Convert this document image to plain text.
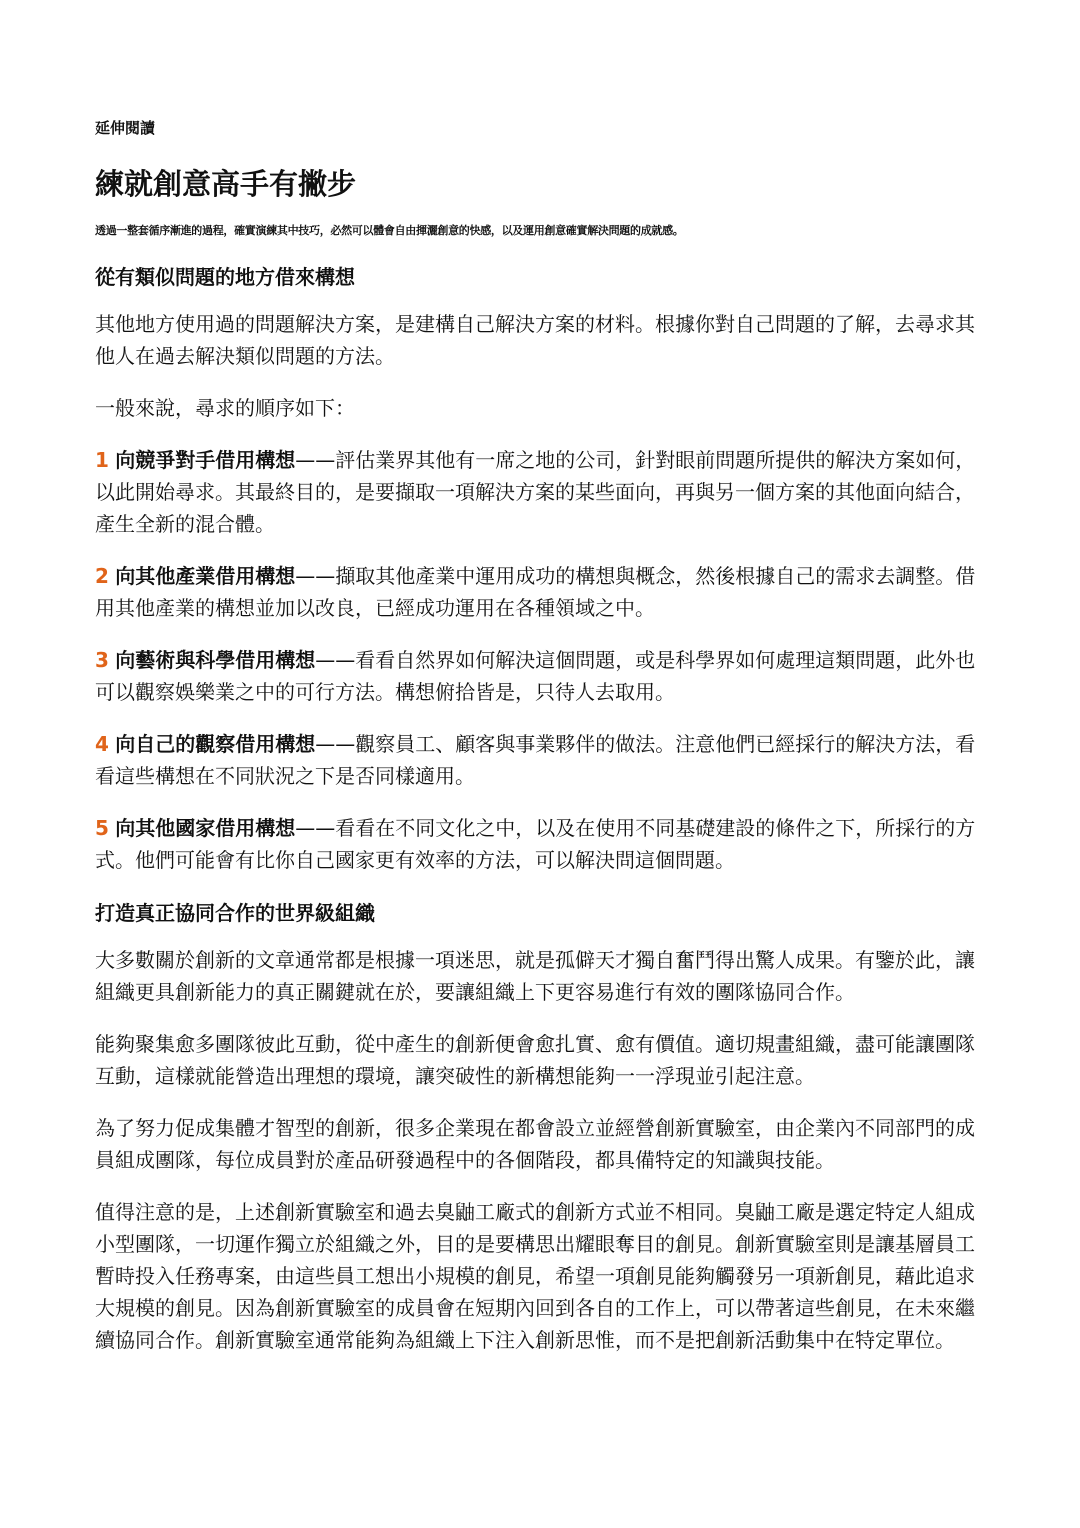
延伸閱讀
練就創意高手有撇步
透過一整套循序漸進的過程，確實演練其中技巧，必然可以體會自由揮灑創意的快感，以及運用創意確實解決問題的成就感。
從有類似問題的地方借來構想

其他地方使用過的問題解決方案，是建構自己解決方案的材料。根據你對自己問題的了解，去尋求其他人在過去解決類似問題的方法。

一般來說，尋求的順序如下：

1 向競爭對手借用構想——評估業界其他有一席之地的公司，針對眼前問題所提供的解決方案如何，以此開始尋求。其最終目的，是要擷取一項解決方案的某些面向，再與另一個方案的其他面向結合，產生全新的混合體。

2 向其他產業借用構想——擷取其他產業中運用成功的構想與概念，然後根據自己的需求去調整。借用其他產業的構想並加以改良，已經成功運用在各種領域之中。

3 向藝術與科學借用構想——看看自然界如何解決這個問題，或是科學界如何處理這類問題，此外也可以觀察娛樂業之中的可行方法。構想俯拾皆是，只待人去取用。

4 向自己的觀察借用構想——觀察員工、顧客與事業夥伴的做法。注意他們已經採行的解決方法，看看這些構想在不同狀況之下是否同樣適用。

5 向其他國家借用構想——看看在不同文化之中，以及在使用不同基礎建設的條件之下，所採行的方式。他們可能會有比你自己國家更有效率的方法，可以解決問這個問題。

打造真正協同合作的世界級組織

大多數關於創新的文章通常都是根據一項迷思，就是孤僻天才獨自奮鬥得出驚人成果。有鑒於此，讓組織更具創新能力的真正關鍵就在於，要讓組織上下更容易進行有效的團隊協同合作。

能夠聚集愈多團隊彼此互動，從中產生的創新便會愈扎實、愈有價值。適切規畫組織，盡可能讓團隊互動，這樣就能營造出理想的環境，讓突破性的新構想能夠一一浮現並引起注意。

為了努力促成集體才智型的創新，很多企業現在都會設立並經營創新實驗室，由企業內不同部門的成員組成團隊，每位成員對於產品研發過程中的各個階段，都具備特定的知識與技能。

值得注意的是，上述創新實驗室和過去臭鼬工廠式的創新方式並不相同。臭鼬工廠是選定特定人組成小型團隊，一切運作獨立於組織之外，目的是要構思出耀眼奪目的創見。創新實驗室則是讓基層員工暫時投入任務專案，由這些員工想出小規模的創見，希望一項創見能夠觸發另一項新創見，藉此追求大規模的創見。因為創新實驗室的成員會在短期內回到各自的工作上，可以帶著這些創見，在未來繼續協同合作。創新實驗室通常能夠為組織上下注入創新思惟，而不是把創新活動集中在特定單位。
